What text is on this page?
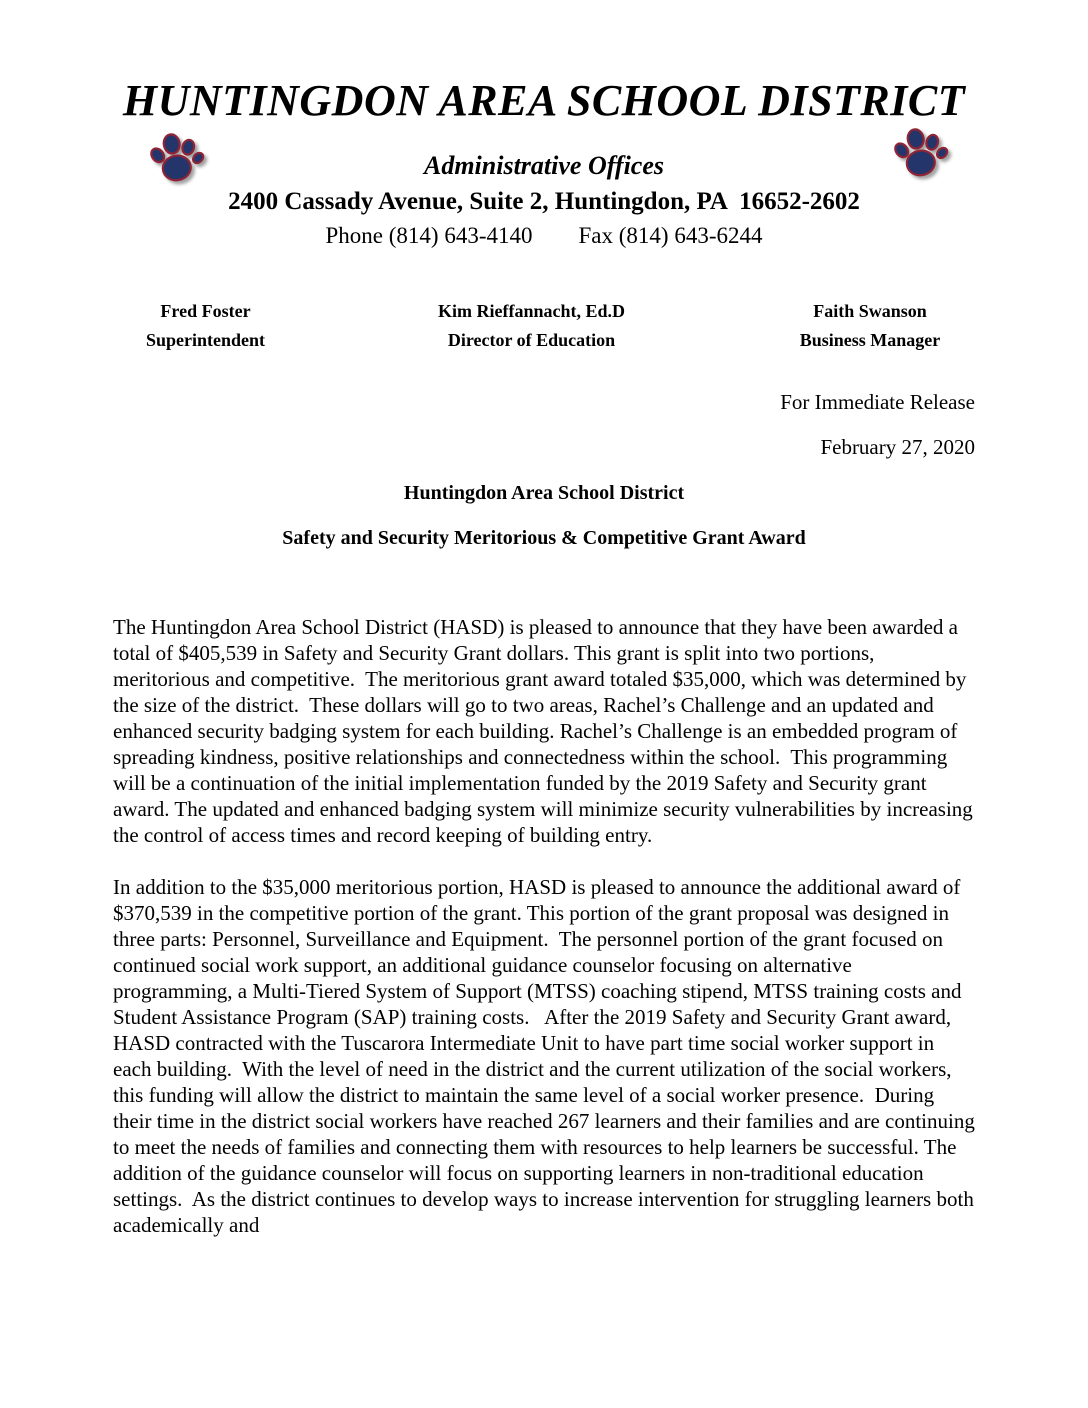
HUNTINGDON AREA SCHOOL DISTRICT
Administrative Offices
2400 Cassady Avenue, Suite 2, Huntingdon, PA  16652-2602
Phone (814) 643-4140 Fax (814) 643-6244
Fred Foster
Superintendent
Kim Rieffannacht, Ed.D
Director of Education
Faith Swanson
Business Manager
For Immediate Release
February 27, 2020
Huntingdon Area School District
Safety and Security Meritorious & Competitive Grant Award

The Huntingdon Area School District (HASD) is pleased to announce that they have been awarded a total of $405,539 in Safety and Security Grant dollars. This grant is split into two portions, meritorious and competitive.  The meritorious grant award totaled $35,000, which was determined by the size of the district.  These dollars will go to two areas, Rachel’s Challenge and an updated and enhanced security badging system for each building. Rachel’s Challenge is an embedded program of spreading kindness, positive relationships and connectedness within the school.  This programming will be a continuation of the initial implementation funded by the 2019 Safety and Security grant award. The updated and enhanced badging system will minimize security vulnerabilities by increasing the control of access times and record keeping of building entry.

In addition to the $35,000 meritorious portion, HASD is pleased to announce the additional award of $370,539 in the competitive portion of the grant. This portion of the grant proposal was designed in three parts: Personnel, Surveillance and Equipment.  The personnel portion of the grant focused on continued social work support, an additional guidance counselor focusing on alternative programming, a Multi-Tiered System of Support (MTSS) coaching stipend, MTSS training costs and Student Assistance Program (SAP) training costs.   After the 2019 Safety and Security Grant award, HASD contracted with the Tuscarora Intermediate Unit to have part time social worker support in each building.  With the level of need in the district and the current utilization of the social workers, this funding will allow the district to maintain the same level of a social worker presence.  During their time in the district social workers have reached 267 learners and their families and are continuing to meet the needs of families and connecting them with resources to help learners be successful. The addition of the guidance counselor will focus on supporting learners in non-traditional education settings.  As the district continues to develop ways to increase intervention for struggling learners both academically and
